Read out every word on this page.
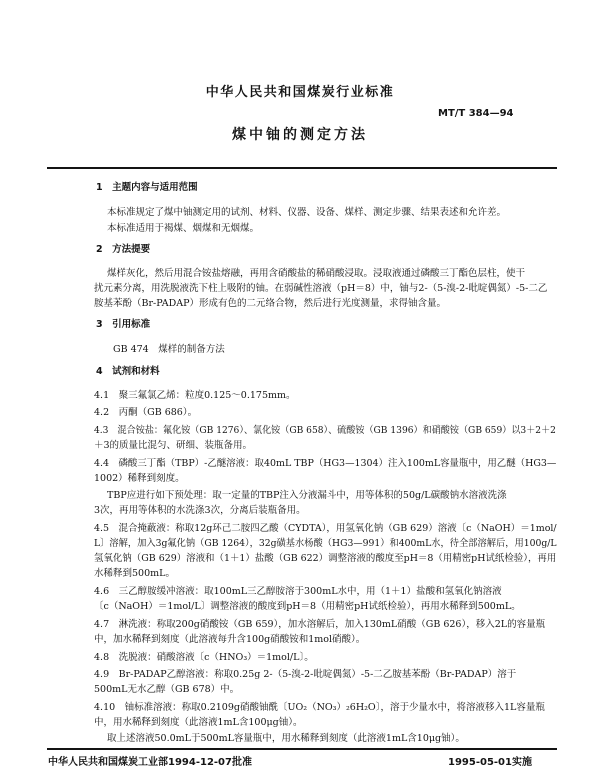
中华人民共和国煤炭行业标准
MT/T 384—94
煤中铀的测定方法
1　主题内容与适用范围
本标准规定了煤中铀测定用的试剂、材料、仪器、设备、煤样、测定步骤、结果表述和允许差。
本标准适用于褐煤、烟煤和无烟煤。
2　方法提要
煤样灰化，然后用混合铵盐熔融，再用含硝酸盐的稀硝酸浸取。浸取液通过磷酸三丁酯色层柱，使干
扰元素分离，用洗脱液洗下柱上吸附的铀。在弱碱性溶液（pH＝8）中，铀与2-（5-溴-2-吡啶偶氮）-5-二乙
胺基苯酚（Br-PADAP）形成有色的二元络合物，然后进行光度测量，求得铀含量。
3　引用标准
GB 474　煤样的制备方法
4　试剂和材料
4.1　聚三氟氯乙烯：粒度0.125～0.175mm。
4.2　丙酮（GB 686）。
4.3　混合铵盐：氟化铵（GB 1276）、氯化铵（GB 658）、硫酸铵（GB 1396）和硝酸铵（GB 659）以3＋2＋2
＋3的质量比混匀、研细、装瓶备用。
4.4　磷酸三丁酯（TBP）-乙醚溶液：取40mL TBP（HG3—1304）注入100mL容量瓶中，用乙醚（HG3—
1002）稀释到刻度。
TBP应进行如下预处理：取一定量的TBP注入分液漏斗中，用等体积的50g/L碳酸钠水溶液洗涤
3次，再用等体积的水洗涤3次，分离后装瓶备用。
4.5　混合掩蔽液：称取12g环己二胺四乙酸（CYDTA），用氢氧化钠（GB 629）溶液〔c（NaOH）＝1mol/
L〕溶解，加入3g氟化钠（GB 1264），32g磺基水杨酸（HG3—991）和400mL水，待全部溶解后，用100g/L
氢氧化钠（GB 629）溶液和（1＋1）盐酸（GB 622）调整溶液的酸度至pH＝8（用精密pH试纸检验），再用
水稀释到500mL。
4.6　三乙醇胺缓冲溶液：取100mL三乙醇胺溶于300mL水中，用（1＋1）盐酸和氢氧化钠溶液
〔c（NaOH）＝1mol/L〕调整溶液的酸度到pH＝8（用精密pH试纸检验），再用水稀释到500mL。
4.7　淋洗液：称取200g硝酸铵（GB 659），加水溶解后，加入130mL硝酸（GB 626），移入2L的容量瓶
中，加水稀释到刻度（此溶液每升含100g硝酸铵和1mol硝酸）。
4.8　洗脱液：硝酸溶液〔c（HNO₃）＝1mol/L〕。
4.9　Br-PADAP乙醇溶液：称取0.25g 2-（5-溴-2-吡啶偶氮）-5-二乙胺基苯酚（Br-PADAP）溶于
500mL无水乙醇（GB 678）中。
4.10　铀标准溶液：称取0.2109g硝酸铀酰〔UO₂（NO₃）₂6H₂O〕，溶于少量水中，将溶液移入1L容量瓶
中，用水稀释到刻度（此溶液1mL含100μg铀）。
取上述溶液50.0mL于500mL容量瓶中，用水稀释到刻度（此溶液1mL含10μg铀）。
中华人民共和国煤炭工业部1994-12-07批准	1995-05-01实施
